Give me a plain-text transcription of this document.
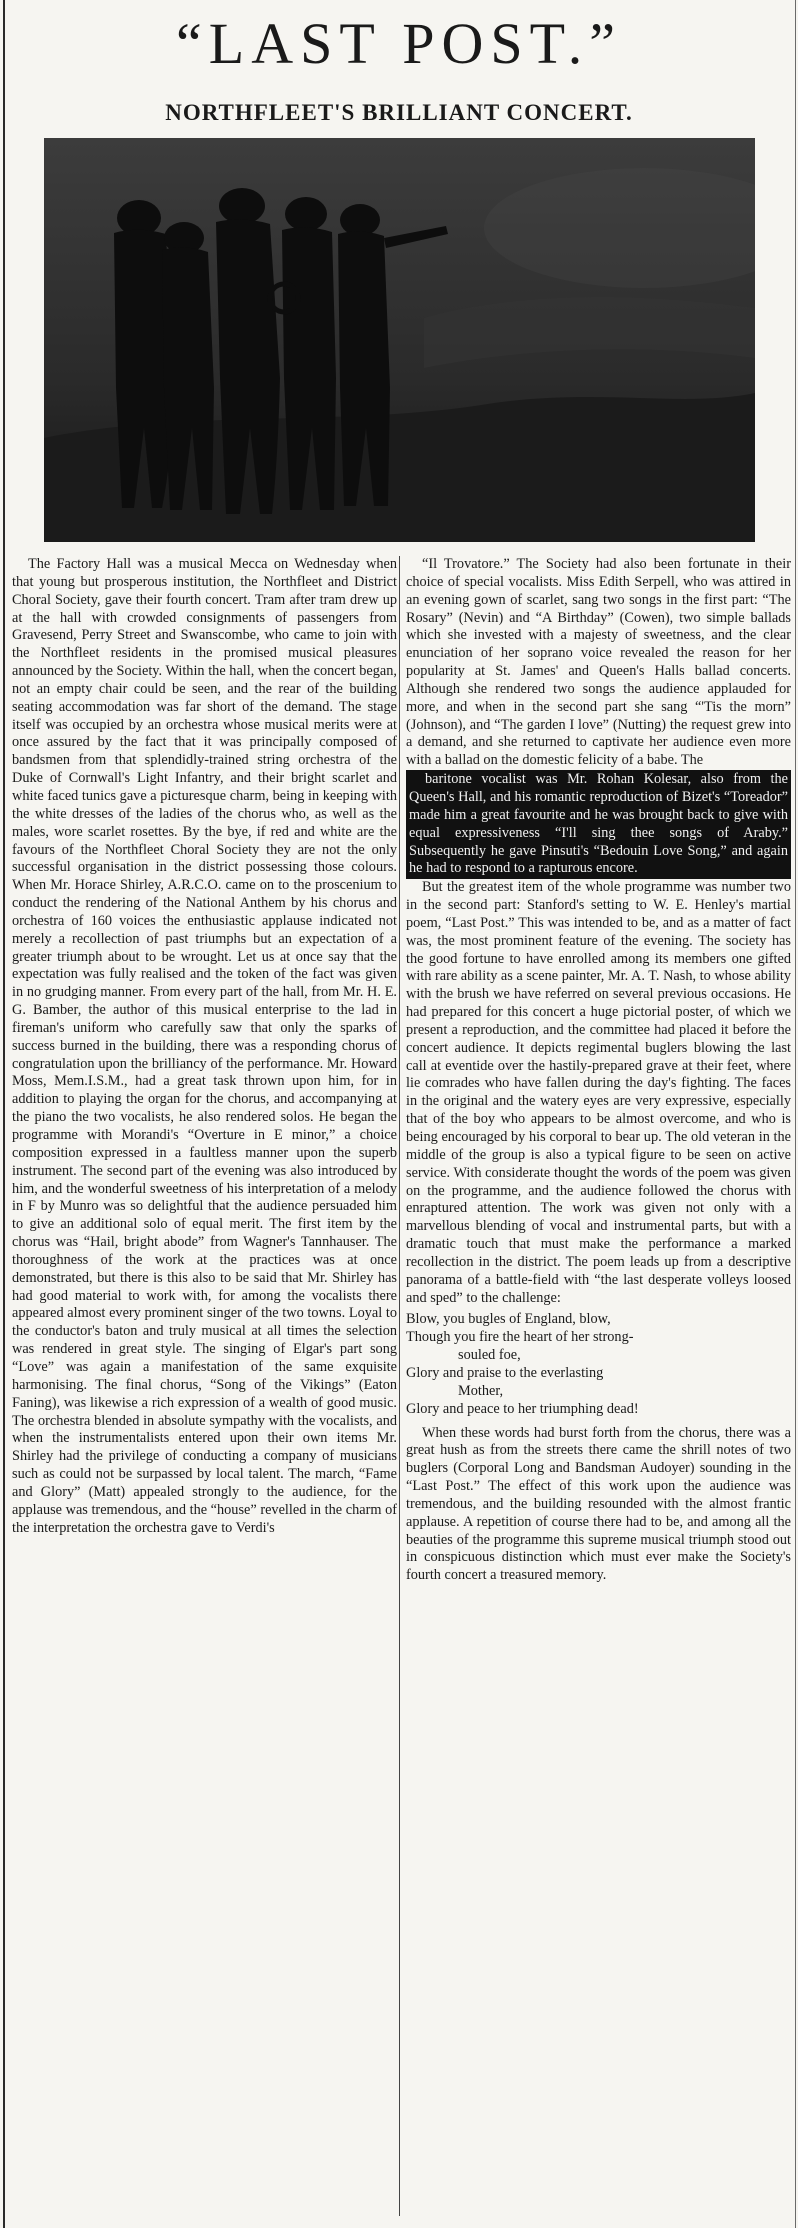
“LAST POST.”
NORTHFLEET'S BRILLIANT CONCERT.

The Factory Hall was a musical Mecca on Wednesday when that young but prosperous institution, the Northfleet and District Choral Society, gave their fourth concert. Tram after tram drew up at the hall with crowded consignments of passengers from Gravesend, Perry Street and Swanscombe, who came to join with the Northfleet residents in the promised musical pleasures announced by the Society. Within the hall, when the concert began, not an empty chair could be seen, and the rear of the building seating accommodation was far short of the demand. The stage itself was occupied by an orchestra whose musical merits were at once assured by the fact that it was principally composed of bandsmen from that splendidly-trained string orchestra of the Duke of Cornwall's Light Infantry, and their bright scarlet and white faced tunics gave a picturesque charm, being in keeping with the white dresses of the ladies of the chorus who, as well as the males, wore scarlet rosettes. By the bye, if red and white are the favours of the Northfleet Choral Society they are not the only successful organisation in the district possessing those colours. When Mr. Horace Shirley, A.R.C.O. came on to the proscenium to conduct the rendering of the National Anthem by his chorus and orchestra of 160 voices the enthusiastic applause indicated not merely a recollection of past triumphs but an expectation of a greater triumph about to be wrought. Let us at once say that the expectation was fully realised and the token of the fact was given in no grudging manner. From every part of the hall, from Mr. H. E. G. Bamber, the author of this musical enterprise to the lad in fireman's uniform who carefully saw that only the sparks of success burned in the building, there was a responding chorus of congratulation upon the brilliancy of the performance. Mr. Howard Moss, Mem.I.S.M., had a great task thrown upon him, for in addition to playing the organ for the chorus, and accompanying at the piano the two vocalists, he also rendered solos. He began the programme with Morandi's “Overture in E minor,” a choice composition expressed in a faultless manner upon the superb instrument. The second part of the evening was also introduced by him, and the wonderful sweetness of his interpretation of a melody in F by Munro was so delightful that the audience persuaded him to give an additional solo of equal merit. The first item by the chorus was “Hail, bright abode” from Wagner's Tannhauser. The thoroughness of the work at the practices was at once demonstrated, but there is this also to be said that Mr. Shirley has had good material to work with, for among the vocalists there appeared almost every prominent singer of the two towns. Loyal to the conductor's baton and truly musical at all times the selection was rendered in great style. The singing of Elgar's part song “Love” was again a manifestation of the same exquisite harmonising. The final chorus, “Song of the Vikings” (Eaton Faning), was likewise a rich expression of a wealth of good music. The orchestra blended in absolute sympathy with the vocalists, and when the instrumentalists entered upon their own items Mr. Shirley had the privilege of conducting a company of musicians such as could not be surpassed by local talent. The march, “Fame and Glory” (Matt) appealed strongly to the audience, for the applause was tremendous, and the “house” revelled in the charm of the interpretation the orchestra gave to Verdi's

“Il Trovatore.” The Society had also been fortunate in their choice of special vocalists. Miss Edith Serpell, who was attired in an evening gown of scarlet, sang two songs in the first part: “The Rosary” (Nevin) and “A Birthday” (Cowen), two simple ballads which she invested with a majesty of sweetness, and the clear enunciation of her soprano voice revealed the reason for her popularity at St. James' and Queen's Halls ballad concerts. Although she rendered two songs the audience applauded for more, and when in the second part she sang “'Tis the morn” (Johnson), and “The garden I love” (Nutting) the request grew into a demand, and she returned to captivate her audience even more with a ballad on the domestic felicity of a babe. The

baritone vocalist was Mr. Rohan Kolesar, also from the Queen's Hall, and his romantic reproduction of Bizet's “Toreador” made him a great favourite and he was brought back to give with equal expressiveness “I'll sing thee songs of Araby.” Subsequently he gave Pinsuti's “Bedouin Love Song,” and again he had to respond to a rapturous encore.

But the greatest item of the whole programme was number two in the second part: Stanford's setting to W. E. Henley's martial poem, “Last Post.” This was intended to be, and as a matter of fact was, the most prominent feature of the evening. The society has the good fortune to have enrolled among its members one gifted with rare ability as a scene painter, Mr. A. T. Nash, to whose ability with the brush we have referred on several previous occasions. He had prepared for this concert a huge pictorial poster, of which we present a reproduction, and the committee had placed it before the concert audience. It depicts regimental buglers blowing the last call at eventide over the hastily-prepared grave at their feet, where lie comrades who have fallen during the day's fighting. The faces in the original and the watery eyes are very expressive, especially that of the boy who appears to be almost overcome, and who is being encouraged by his corporal to bear up. The old veteran in the middle of the group is also a typical figure to be seen on active service. With considerate thought the words of the poem was given on the programme, and the audience followed the chorus with enraptured attention. The work was given not only with a marvellous blending of vocal and instrumental parts, but with a dramatic touch that must make the performance a marked recollection in the district. The poem leads up from a descriptive panorama of a battle-field with “the last desperate volleys loosed and sped” to the challenge:

Blow, you bugles of England, blow,
Though you fire the heart of her strong-
souled foe,
Glory and praise to the everlasting
Mother,
Glory and peace to her triumphing dead!

When these words had burst forth from the chorus, there was a great hush as from the streets there came the shrill notes of two buglers (Corporal Long and Bandsman Audoyer) sounding in the “Last Post.” The effect of this work upon the audience was tremendous, and the building resounded with the almost frantic applause. A repetition of course there had to be, and among all the beauties of the programme this supreme musical triumph stood out in conspicuous distinction which must ever make the Society's fourth concert a treasured memory.
